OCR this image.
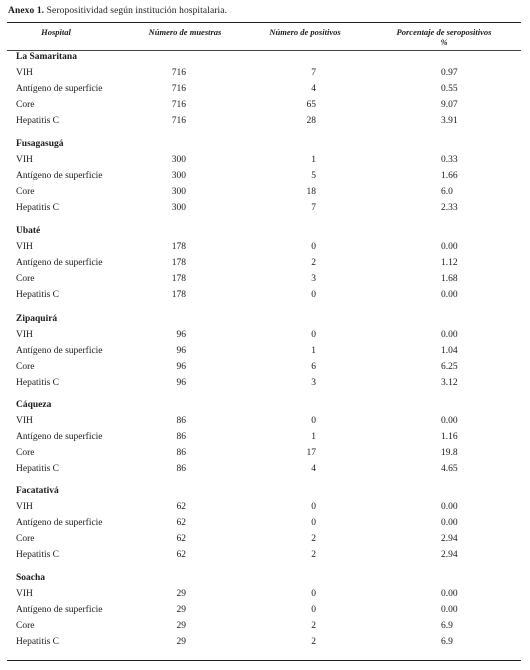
Anexo 1. Seropositividad según institución hospitalaria.
Hospital	Número de muestras	Número de positivos	Porcentaje de seropositivos
%
La Samaritana
VIH	716	7	0.97
Antígeno de superficie	716	4	0.55
Core	716	65	9.07
Hepatitis C	716	28	3.91
Fusagasugá
VIH	300	1	0.33
Antígeno de superficie	300	5	1.66
Core	300	18	6.0
Hepatitis C	300	7	2.33
Ubaté
VIH	178	0	0.00
Antígeno de superficie	178	2	1.12
Core	178	3	1.68
Hepatitis C	178	0	0.00
Zipaquirá
VIH	96	0	0.00
Antígeno de superficie	96	1	1.04
Core	96	6	6.25
Hepatitis C	96	3	3.12
Cáqueza
VIH	86	0	0.00
Antígeno de superficie	86	1	1.16
Core	86	17	19.8
Hepatitis C	86	4	4.65
Facatativá
VIH	62	0	0.00
Antígeno de superficie	62	0	0.00
Core	62	2	2.94
Hepatitis C	62	2	2.94
Soacha
VIH	29	0	0.00
Antígeno de superficie	29	0	0.00
Core	29	2	6.9
Hepatitis C	29	2	6.9
